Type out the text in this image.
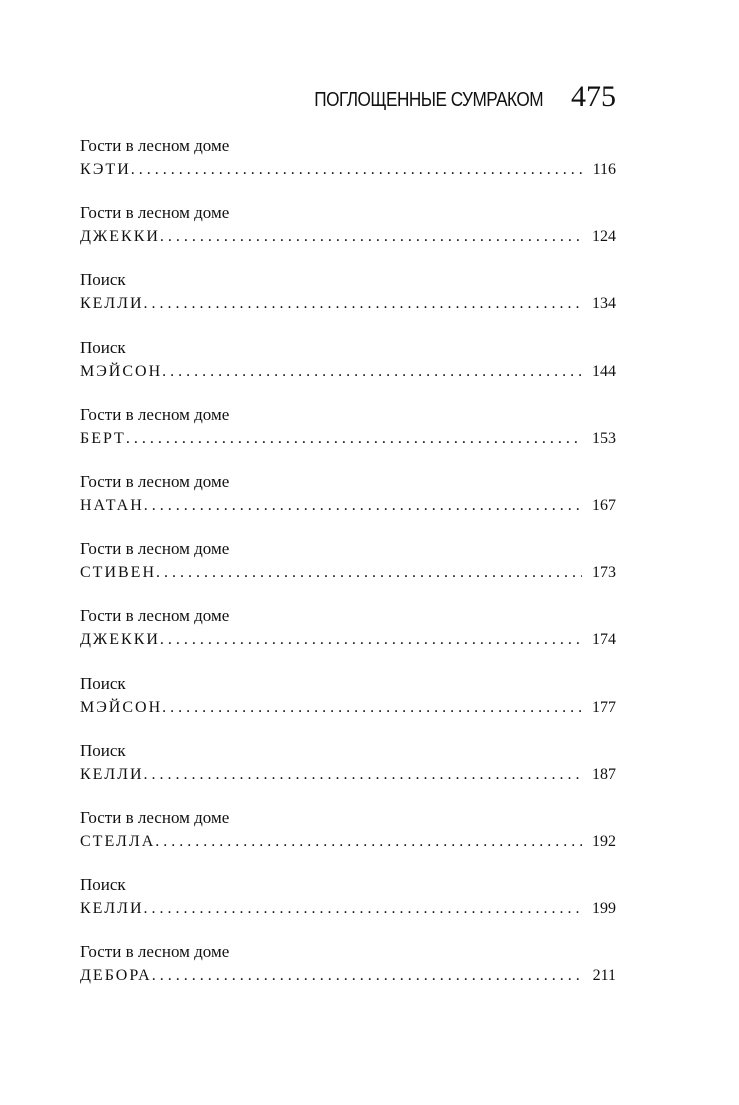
ПОГЛОЩЕННЫЕ СУМРАКОМ 475
Гости в лесном доме
КЭТИ . . .	116
Гости в лесном доме
ДЖЕККИ . . .	124
Поиск
КЕЛЛИ . . .	134
Поиск
МЭЙСОН . . .	144
Гости в лесном доме
БЕРТ . . .	153
Гости в лесном доме
НАТАН . . .	167
Гости в лесном доме
СТИВЕН . . .	173
Гости в лесном доме
ДЖЕККИ . . .	174
Поиск
МЭЙСОН . . .	177
Поиск
КЕЛЛИ . . .	187
Гости в лесном доме
СТЕЛЛА . . .	192
Поиск
КЕЛЛИ . . .	199
Гости в лесном доме
ДЕБОРА . . .	211
